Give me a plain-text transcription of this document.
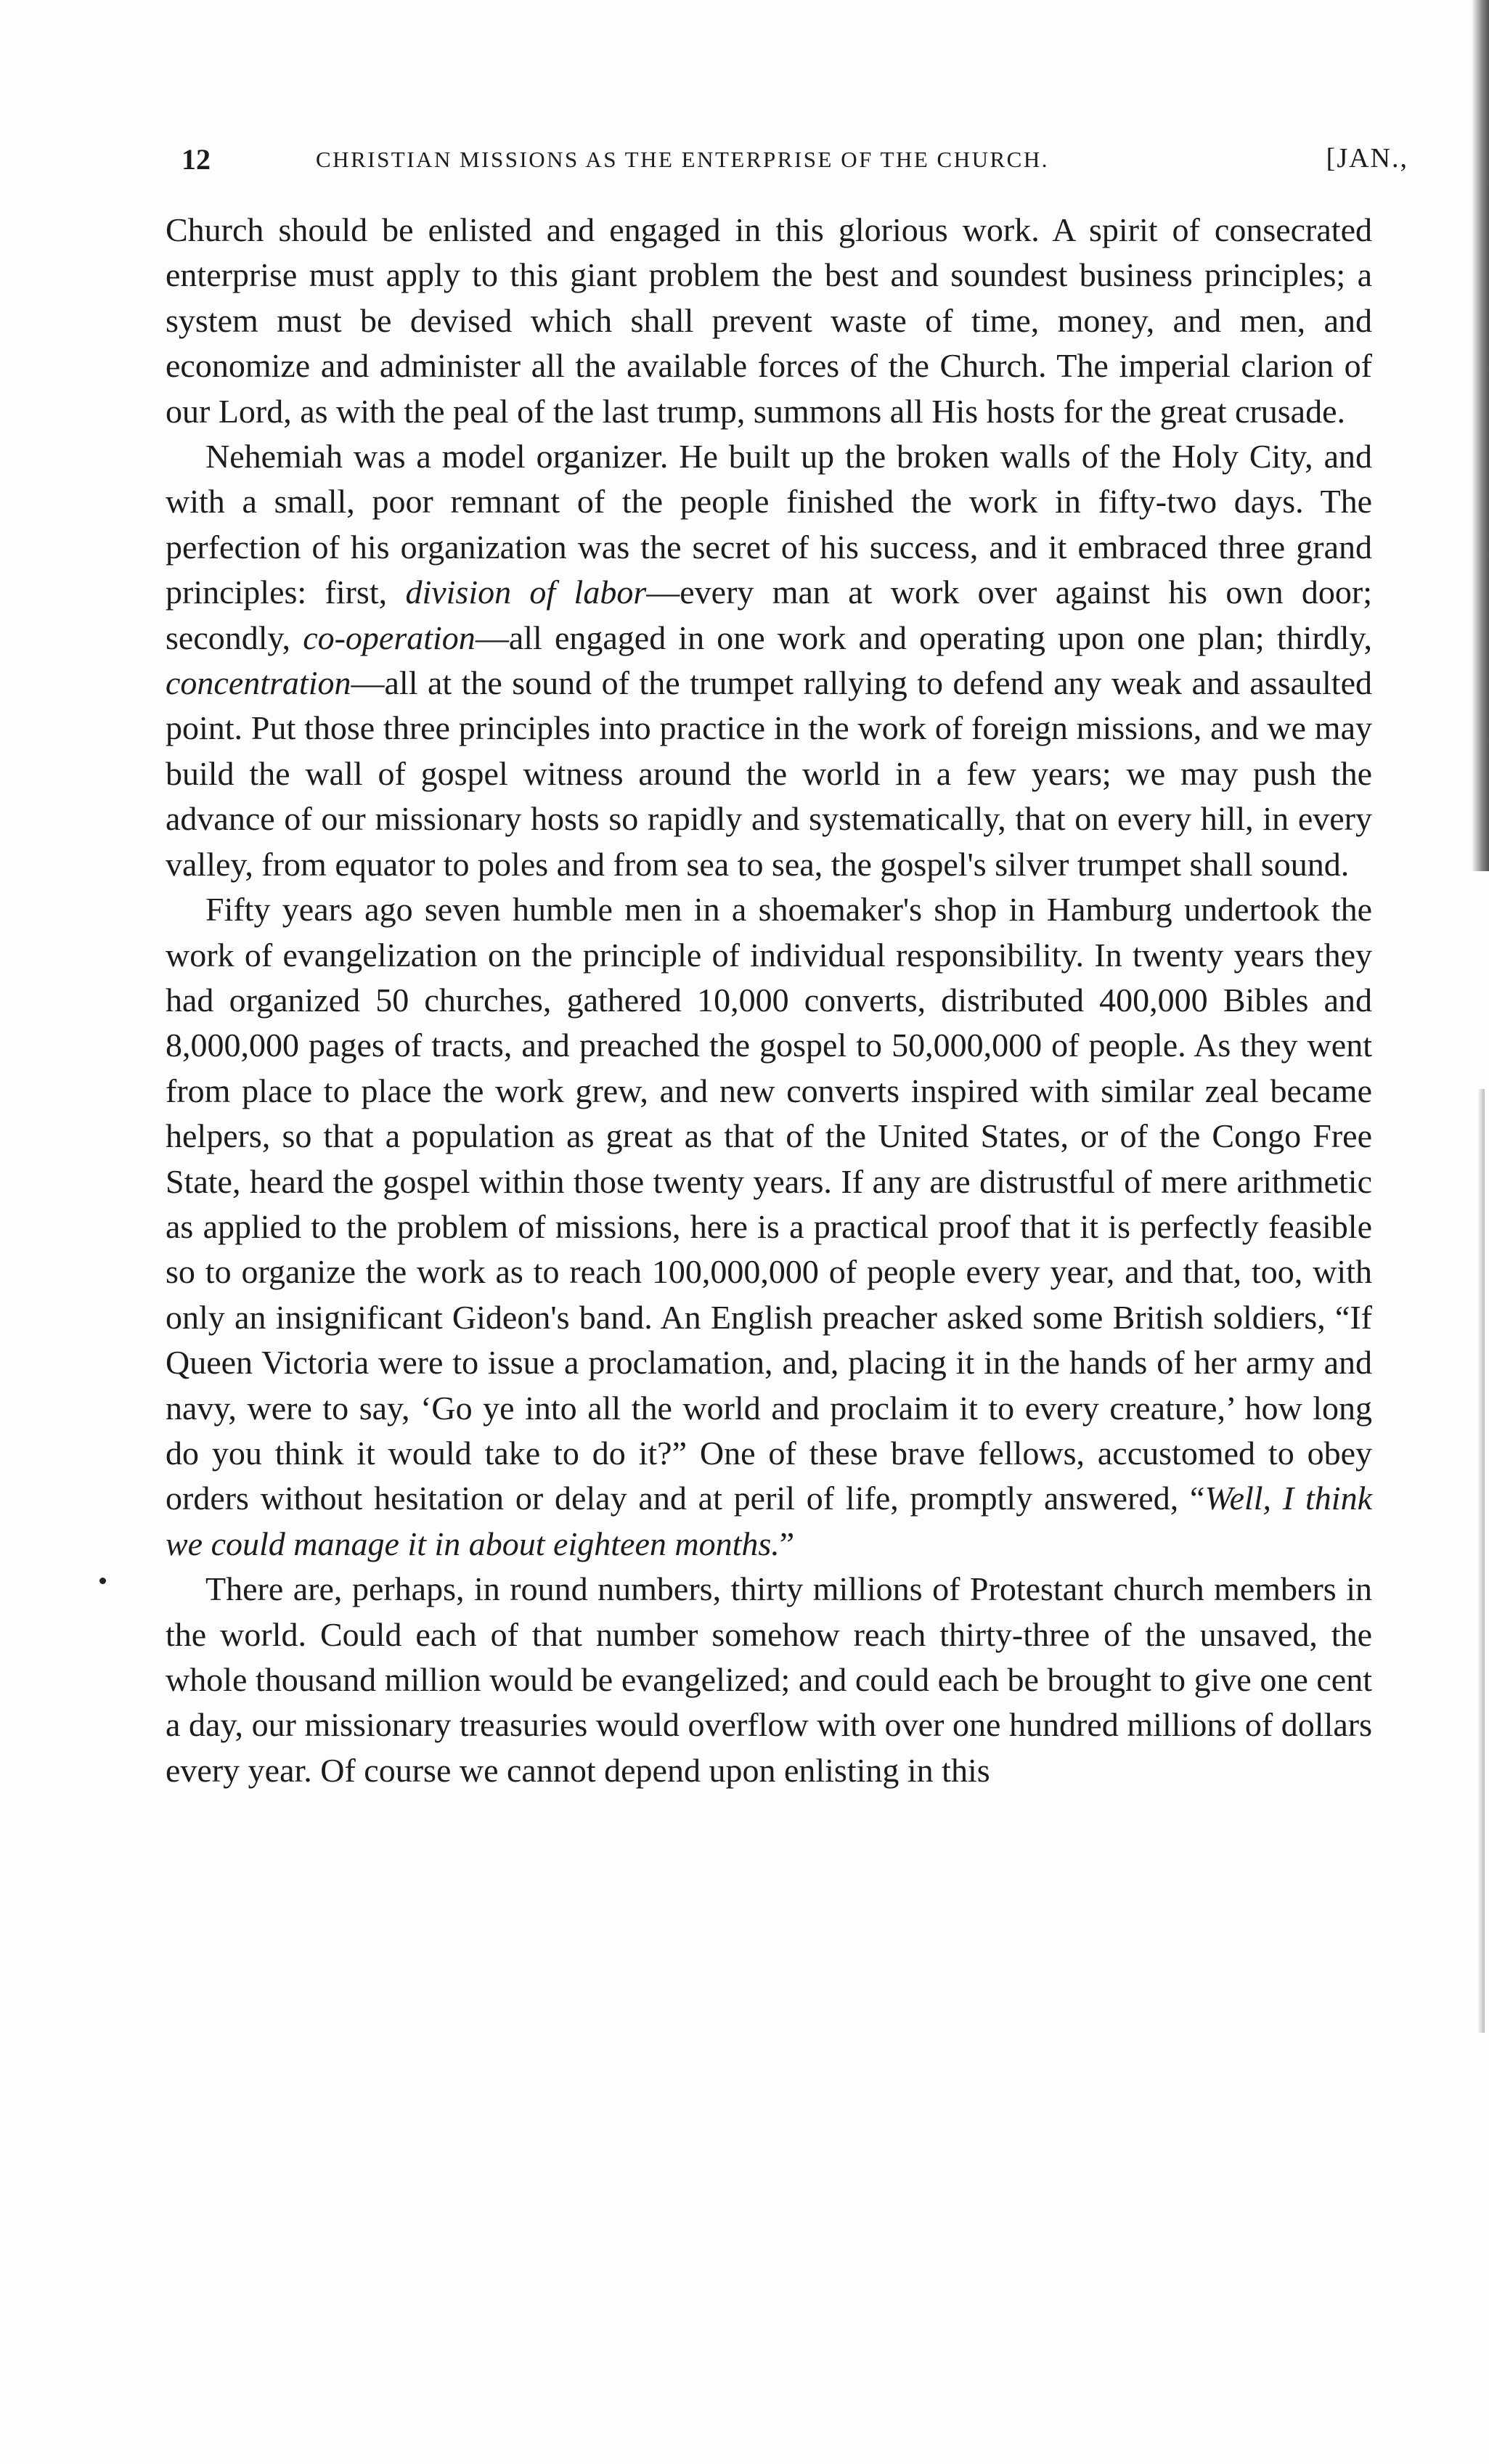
12	CHRISTIAN MISSIONS AS THE ENTERPRISE OF THE CHURCH.	[JAN.,

Church should be enlisted and engaged in this glorious work. A spirit of consecrated enterprise must apply to this giant problem the best and soundest business principles; a system must be devised which shall prevent waste of time, money, and men, and economize and administer all the available forces of the Church. The imperial clarion of our Lord, as with the peal of the last trump, summons all His hosts for the great crusade.

Nehemiah was a model organizer. He built up the broken walls of the Holy City, and with a small, poor remnant of the people finished the work in fifty-two days. The perfection of his organization was the secret of his success, and it embraced three grand principles: first, division of labor—every man at work over against his own door; secondly, co-operation—all engaged in one work and operating upon one plan; thirdly, concentration—all at the sound of the trumpet rallying to defend any weak and assaulted point. Put those three principles into practice in the work of foreign missions, and we may build the wall of gospel witness around the world in a few years; we may push the advance of our missionary hosts so rapidly and systematically, that on every hill, in every valley, from equator to poles and from sea to sea, the gospel's silver trumpet shall sound.

Fifty years ago seven humble men in a shoemaker's shop in Hamburg undertook the work of evangelization on the principle of individual responsibility. In twenty years they had organized 50 churches, gathered 10,000 converts, distributed 400,000 Bibles and 8,000,000 pages of tracts, and preached the gospel to 50,000,000 of people. As they went from place to place the work grew, and new converts inspired with similar zeal became helpers, so that a population as great as that of the United States, or of the Congo Free State, heard the gospel within those twenty years. If any are distrustful of mere arithmetic as applied to the problem of missions, here is a practical proof that it is perfectly feasible so to organize the work as to reach 100,000,000 of people every year, and that, too, with only an insignificant Gideon's band. An English preacher asked some British soldiers, “If Queen Victoria were to issue a proclamation, and, placing it in the hands of her army and navy, were to say, ‘Go ye into all the world and proclaim it to every creature,’ how long do you think it would take to do it?” One of these brave fellows, accustomed to obey orders without hesitation or delay and at peril of life, promptly answered, “Well, I think we could manage it in about eighteen months.”

There are, perhaps, in round numbers, thirty millions of Protestant church members in the world. Could each of that number somehow reach thirty-three of the unsaved, the whole thousand million would be evangelized; and could each be brought to give one cent a day, our missionary treasuries would overflow with over one hundred millions of dollars every year. Of course we cannot depend upon enlisting in this
